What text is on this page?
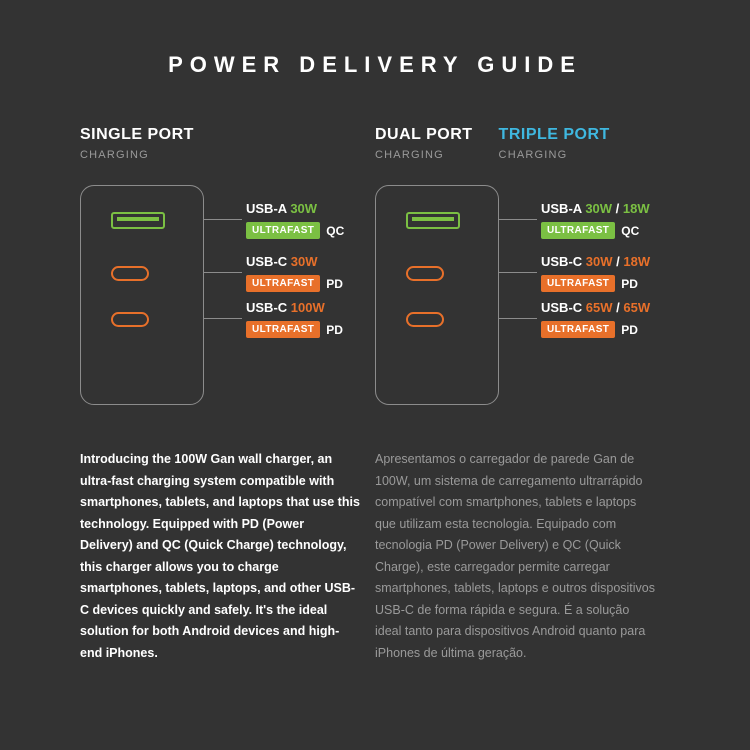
POWER DELIVERY GUIDE
SINGLE PORT
CHARGING
USB-A 30W
ULTRAFAST	QC
USB-C 30W
ULTRAFAST	PD
USB-C 100W
ULTRAFAST	PD
DUAL PORT
CHARGING
TRIPLE PORT
CHARGING
USB-A 30W / 18W
ULTRAFAST	QC
USB-C 30W / 18W
ULTRAFAST	PD
USB-C 65W / 65W
ULTRAFAST	PD

Introducing the 100W Gan wall charger, an ultra-fast charging system compatible with smartphones, tablets, and laptops that use this technology. Equipped with PD (Power Delivery) and QC (Quick Charge) technology, this charger allows you to charge smartphones, tablets, laptops, and other USB-C devices quickly and safely. It's the ideal solution for both Android devices and high-end iPhones.

Apresentamos o carregador de parede Gan de 100W, um sistema de carregamento ultrarrápido compatível com smartphones, tablets e laptops que utilizam esta tecnologia. Equipado com tecnologia PD (Power Delivery) e QC (Quick Charge), este carregador permite carregar smartphones, tablets, laptops e outros dispositivos USB-C de forma rápida e segura. É a solução ideal tanto para dispositivos Android quanto para iPhones de última geração.
